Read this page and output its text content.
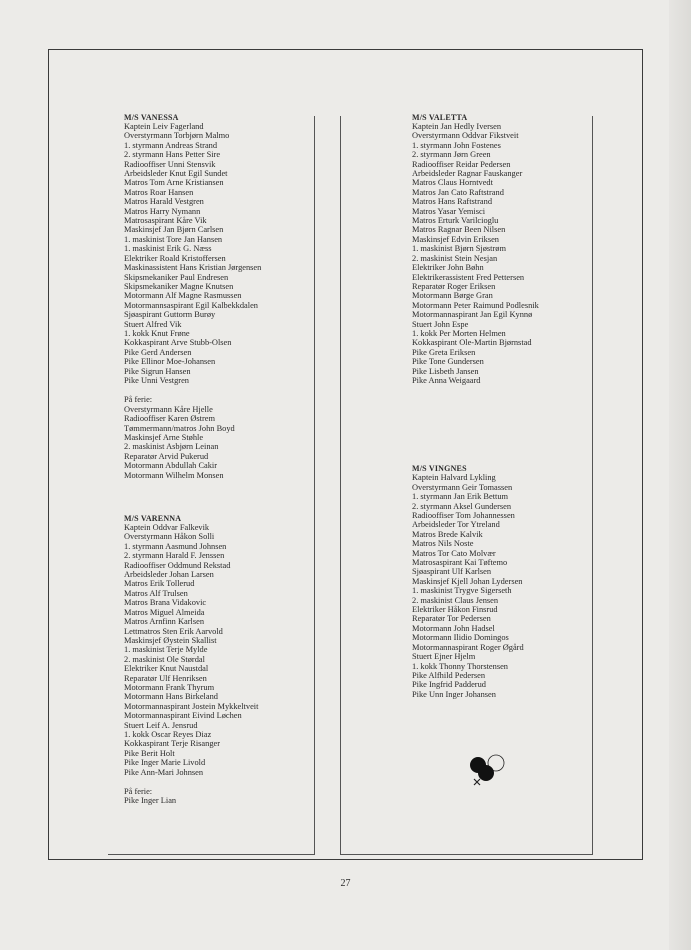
M/S VANESSA

Kaptein Leiv Fagerland
Overstyrmann Torbjørn Malmo
1. styrmann Andreas Strand
2. styrmann Hans Petter Sire
Radiooffiser Unni Stensvik
Arbeidsleder Knut Egil Sundet
Matros Tom Arne Kristiansen
Matros Roar Hansen
Matros Harald Vestgren
Matros Harry Nymann
Matrosaspirant Kåre Vik
Maskinsjef Jan Bjørn Carlsen
1. maskinist Tore Jan Hansen
1. maskinist Erik G. Næss
Elektriker Roald Kristoffersen
Maskinassistent Hans Kristian Jørgensen
Skipsmekaniker Paul Endresen
Skipsmekaniker Magne Knutsen
Motormann Alf Magne Rasmussen
Motormannsaspirant Egil Kalbekkdalen
Sjøaspirant Guttorm Burøy
Stuert Alfred Vik
1. kokk Knut Frøne
Kokkaspirant Arve Stubb-Olsen
Pike Gerd Andersen
Pike Ellinor Moe-Johansen
Pike Sigrun Hansen
Pike Unni Vestgren

På ferie:

Overstyrmann Kåre Hjelle
Radiooffiser Karen Østrem
Tømmermann/matros John Boyd
Maskinsjef Arne Støhle
2. maskinist Asbjørn Leinan
Reparatør Arvid Pukerud
Motormann Abdullah Cakir
Motormann Wilhelm Monsen

M/S VARENNA

Kaptein Oddvar Falkevik
Overstyrmann Håkon Solli
1. styrmann Aasmund Johnsen
2. styrmann Harald F. Jenssen
Radiooffiser Oddmund Rekstad
Arbeidsleder Johan Larsen
Matros Erik Tollerud
Matros Alf Trulsen
Matros Brana Vidakovic
Matros Miguel Almeida
Matros Arnfinn Karlsen
Lettmatros Sten Erik Aarvold
Maskinsjef Øystein Skallist
1. maskinist Terje Mylde
2. maskinist Ole Størdal
Elektriker Knut Naustdal
Reparatør Ulf Henriksen
Motormann Frank Thyrum
Motormann Hans Birkeland
Motormannaspirant Jostein Mykkeltveit
Motormannaspirant Eivind Løchen
Stuert Leif A. Jensrud
1. kokk Oscar Reyes Diaz
Kokkaspirant Terje Risanger
Pike Berit Holt
Pike Inger Marie Livold
Pike Ann-Mari Johnsen

På ferie:

Pike Inger Lian

M/S VALETTA

Kaptein Jan Hedly Iversen
Overstyrmann Oddvar Fikstveit
1. styrmann John Fostenes
2. styrmann Jørn Green
Radiooffiser Reidar Pedersen
Arbeidsleder Ragnar Fauskanger
Matros Claus Horntvedt
Matros Jan Cato Raftstrand
Matros Hans Raftstrand
Matros Yasar Yemisci
Matros Erturk Varilcioglu
Matros Ragnar Been Nilsen
Maskinsjef Edvin Eriksen
1. maskinist Bjørn Sjøstrøm
2. maskinist Stein Nesjan
Elektriker John Bøhn
Elektrikerassistent Fred Pettersen
Reparatør Roger Eriksen
Motormann Børge Gran
Motormann Peter Raimund Podlesnik
Motormannaspirant Jan Egil Kynnø
Stuert John Espe
1. kokk Per Morten Helmen
Kokkaspirant Ole-Martin Bjørnstad
Pike Greta Eriksen
Pike Tone Gundersen
Pike Lisbeth Jansen
Pike Anna Weigaard

M/S VINGNES

Kaptein Halvard Lykling
Overstyrmann Geir Tomassen
1. styrmann Jan Erik Bettum
2. styrmann Aksel Gundersen
Radiooffiser Tom Johannessen
Arbeidsleder Tor Ytreland
Matros Brede Kalvik
Matros Nils Noste
Matros Tor Cato Molvær
Matrosaspirant Kai Tøftemo
Sjøaspirant Ulf Karlsen
Maskinsjef Kjell Johan Lydersen
1. maskinist Trygve Sigerseth
2. maskinist Claus Jensen
Elektriker Håkon Finsrud
Reparatør Tor Pedersen
Motormann John Hadsel
Motormann Ilidio Domingos
Motormannaspirant Roger Øgård
Stuert Ejner Hjelm
1. kokk Thonny Thorstensen
Pike Alfhild Pedersen
Pike Ingfrid Padderud
Pike Unn Inger Johansen
27
